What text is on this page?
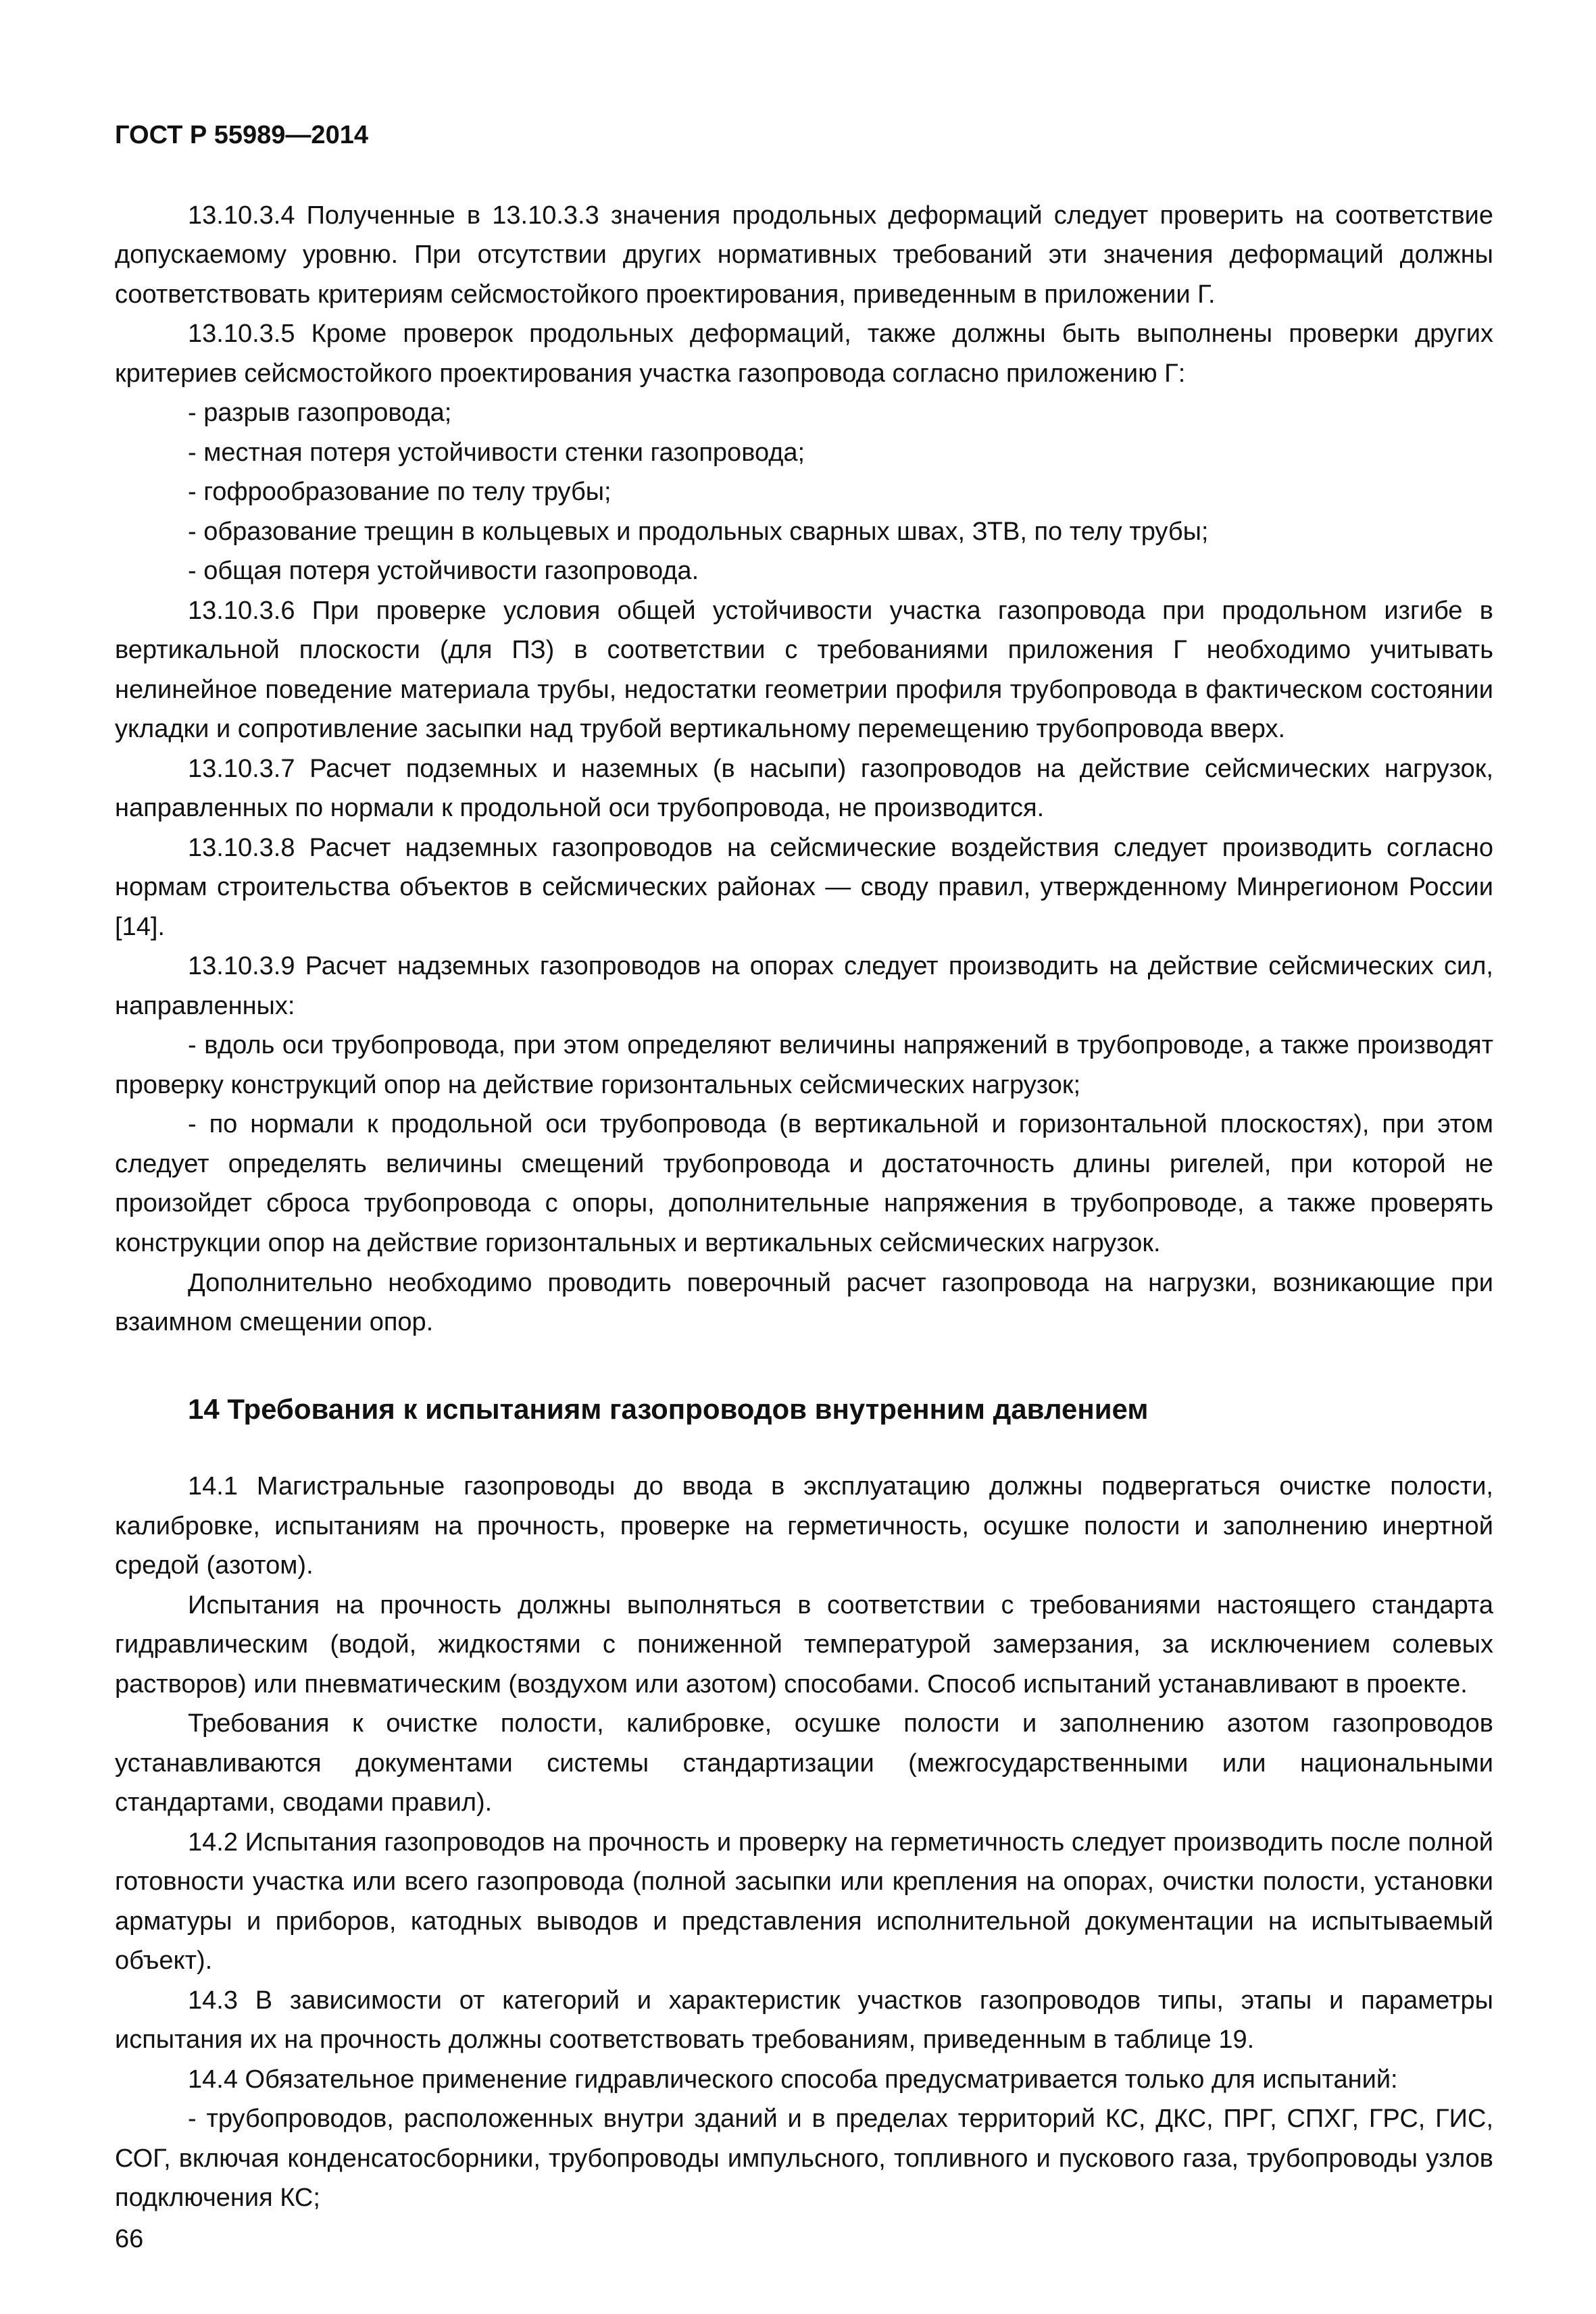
ГОСТ Р 55989—2014

13.10.3.4 Полученные в 13.10.3.3 значения продольных деформаций следует проверить на соответствие допускаемому уровню. При отсутствии других нормативных требований эти значения деформаций должны соответствовать критериям сейсмостойкого проектирования, приведенным в приложении Г.

13.10.3.5 Кроме проверок продольных деформаций, также должны быть выполнены проверки других критериев сейсмостойкого проектирования участка газопровода согласно приложению Г:

- разрыв газопровода;

- местная потеря устойчивости стенки газопровода;

- гофрообразование по телу трубы;

- образование трещин в кольцевых и продольных сварных швах, ЗТВ, по телу трубы;

- общая потеря устойчивости газопровода.

13.10.3.6 При проверке условия общей устойчивости участка газопровода при продольном изгибе в вертикальной плоскости (для ПЗ) в соответствии с требованиями приложения Г необходимо учитывать нелинейное поведение материала трубы, недостатки геометрии профиля трубопровода в фактическом состоянии укладки и сопротивление засыпки над трубой вертикальному перемещению трубопровода вверх.

13.10.3.7 Расчет подземных и наземных (в насыпи) газопроводов на действие сейсмических нагрузок, направленных по нормали к продольной оси трубопровода, не производится.

13.10.3.8 Расчет надземных газопроводов на сейсмические воздействия следует производить согласно нормам строительства объектов в сейсмических районах — своду правил, утвержденному Минрегионом России [14].

13.10.3.9 Расчет надземных газопроводов на опорах следует производить на действие сейсмических сил, направленных:

- вдоль оси трубопровода, при этом определяют величины напряжений в трубопроводе, а также производят проверку конструкций опор на действие горизонтальных сейсмических нагрузок;

- по нормали к продольной оси трубопровода (в вертикальной и горизонтальной плоскостях), при этом следует определять величины смещений трубопровода и достаточность длины ригелей, при которой не произойдет сброса трубопровода с опоры, дополнительные напряжения в трубопроводе, а также проверять конструкции опор на действие горизонтальных и вертикальных сейсмических нагрузок.

Дополнительно необходимо проводить поверочный расчет газопровода на нагрузки, возникающие при взаимном смещении опор.

14 Требования к испытаниям газопроводов внутренним давлением

14.1 Магистральные газопроводы до ввода в эксплуатацию должны подвергаться очистке полости, калибровке, испытаниям на прочность, проверке на герметичность, осушке полости и заполнению инертной средой (азотом).

Испытания на прочность должны выполняться в соответствии с требованиями настоящего стандарта гидравлическим (водой, жидкостями с пониженной температурой замерзания, за исключением солевых растворов) или пневматическим (воздухом или азотом) способами. Способ испытаний устанавливают в проекте.

Требования к очистке полости, калибровке, осушке полости и заполнению азотом газопроводов устанавливаются документами системы стандартизации (межгосударственными или национальными стандартами, сводами правил).

14.2 Испытания газопроводов на прочность и проверку на герметичность следует производить после полной готовности участка или всего газопровода (полной засыпки или крепления на опорах, очистки полости, установки арматуры и приборов, катодных выводов и представления исполнительной документации на испытываемый объект).

14.3 В зависимости от категорий и характеристик участков газопроводов типы, этапы и параметры испытания их на прочность должны соответствовать требованиям, приведенным в таблице 19.

14.4 Обязательное применение гидравлического способа предусматривается только для испытаний:

- трубопроводов, расположенных внутри зданий и в пределах территорий КС, ДКС, ПРГ, СПХГ, ГРС, ГИС, СОГ, включая конденсатосборники, трубопроводы импульсного, топливного и пускового газа, трубопроводы узлов подключения КС;

66
